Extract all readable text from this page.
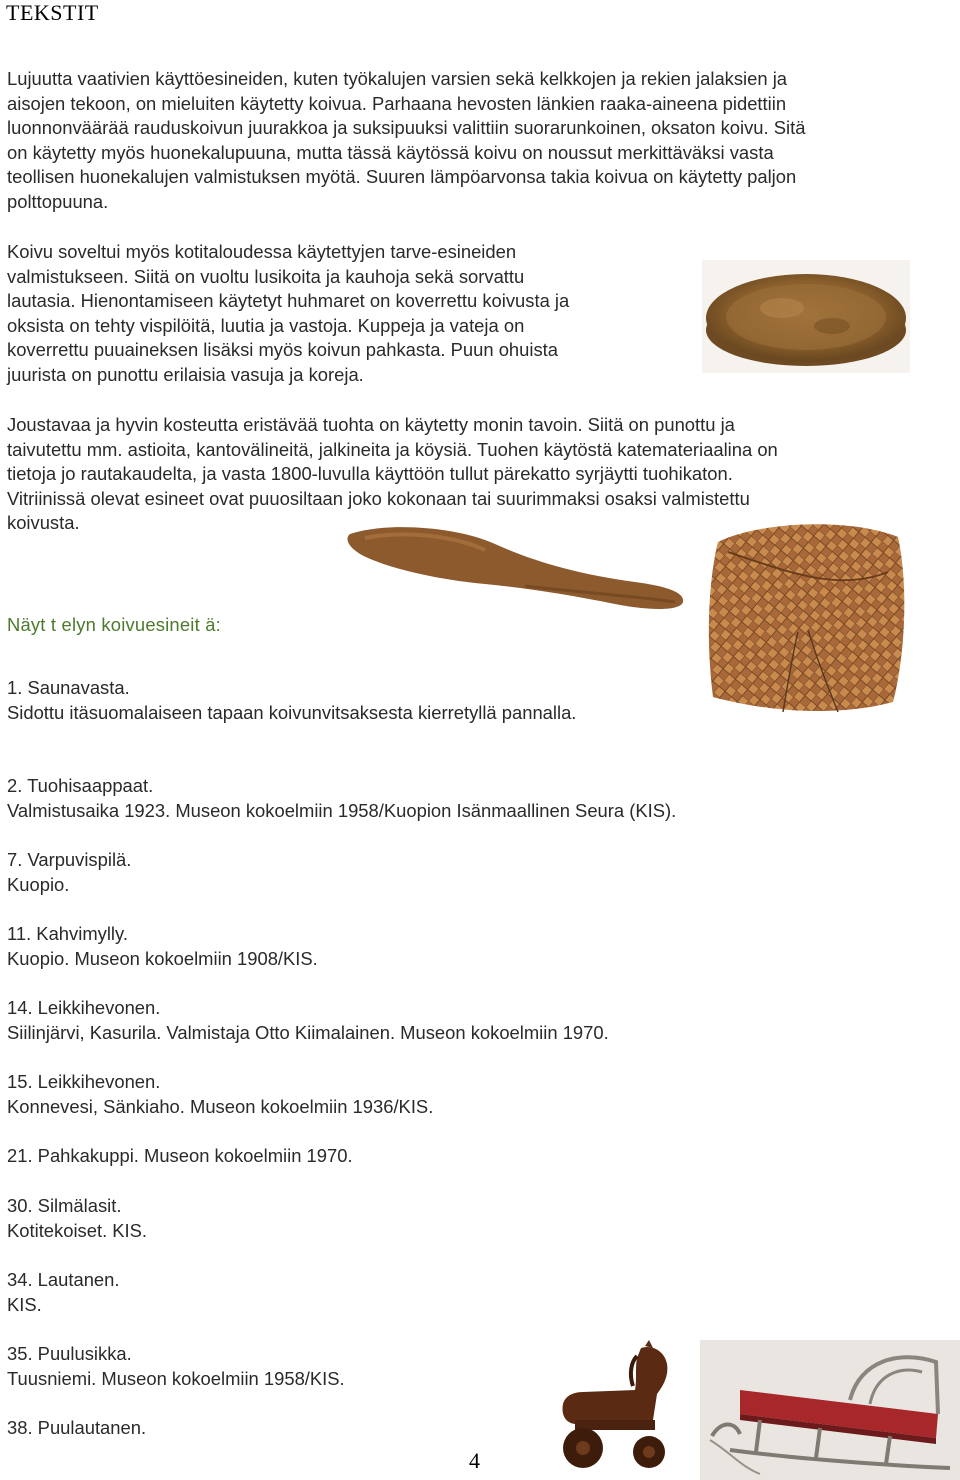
TEKSTIT
Lujuutta vaativien käyttöesineiden, kuten työkalujen varsien sekä kelkkojen ja rekien jalaksien ja
aisojen tekoon, on mieluiten käytetty koivua. Parhaana hevosten länkien raaka-aineena pidettiin
luonnonväärää rauduskoivun juurakkoa ja suksipuuksi valittiin suorarunkoinen, oksaton koivu. Sitä
on käytetty myös huonekalupuuna, mutta tässä käytössä koivu on noussut merkittäväksi vasta
teollisen huonekalujen valmistuksen myötä. Suuren lämpöarvonsa takia koivua on käytetty paljon
polttopuuna.
Koivu soveltui myös kotitaloudessa käytettyjen tarve-esineiden
valmistukseen. Siitä on vuoltu lusikoita ja kauhoja sekä sorvattu
lautasia. Hienontamiseen käytetyt huhmaret on koverrettu koivusta ja
oksista on tehty vispilöitä, luutia ja vastoja. Kuppeja ja vateja on
koverrettu puuaineksen lisäksi myös koivun pahkasta. Puun ohuista
juurista on punottu erilaisia vasuja ja koreja.
Joustavaa ja hyvin kosteutta eristävää tuohta on käytetty monin tavoin. Siitä on punottu ja
taivutettu mm. astioita, kantovälineitä, jalkineita ja köysiä. Tuohen käytöstä katemateriaalina on
tietoja jo rautakaudelta, ja vasta 1800-luvulla käyttöön tullut pärekatto syrjäytti tuohikaton.
Vitriinissä olevat esineet ovat puuosiltaan joko kokonaan tai suurimmaksi osaksi valmistettu
koivusta.
Näyt t elyn koivuesineit ä:
1. Saunavasta.
Sidottu itäsuomalaiseen tapaan koivunvitsaksesta kierretyllä pannalla.
2. Tuohisaappaat.
Valmistusaika 1923. Museon kokoelmiin 1958/Kuopion Isänmaallinen Seura (KIS).
7. Varpuvispilä.
Kuopio.
11. Kahvimylly.
Kuopio. Museon kokoelmiin 1908/KIS.
14. Leikkihevonen.
Siilinjärvi, Kasurila. Valmistaja Otto Kiimalainen. Museon kokoelmiin 1970.
15. Leikkihevonen.
Konnevesi, Sänkiaho. Museon kokoelmiin 1936/KIS.
21. Pahkakuppi. Museon kokoelmiin 1970.
30. Silmälasit.
Kotitekoiset. KIS.
34. Lautanen.
KIS.
35. Puulusikka.
Tuusniemi. Museon kokoelmiin 1958/KIS.
38. Puulautanen.
4
